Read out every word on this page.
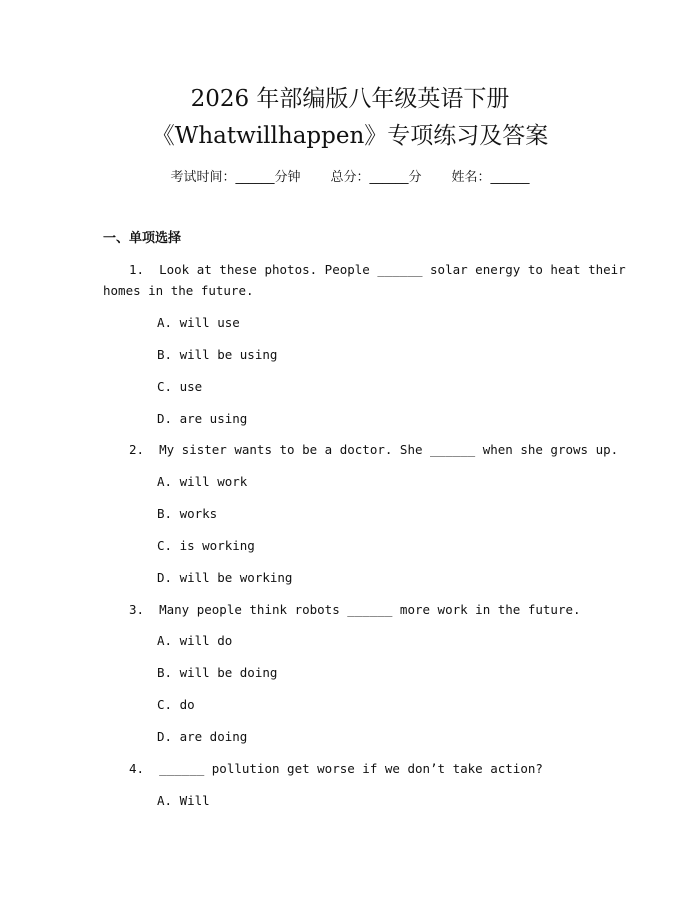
2026 年部编版八年级英语下册
《Whatwillhappen》专项练习及答案
考试时间：______分钟 总分：______分 姓名：______
一、单项选择
1.  Look at these photos. People ______ solar energy to heat their
homes in the future.
A. will use
B. will be using
C. use
D. are using
2.  My sister wants to be a doctor. She ______ when she grows up.
A. will work
B. works
C. is working
D. will be working
3.  Many people think robots ______ more work in the future.
A. will do
B. will be doing
C. do
D. are doing
4.  ______ pollution get worse if we don’t take action?
A. Will
